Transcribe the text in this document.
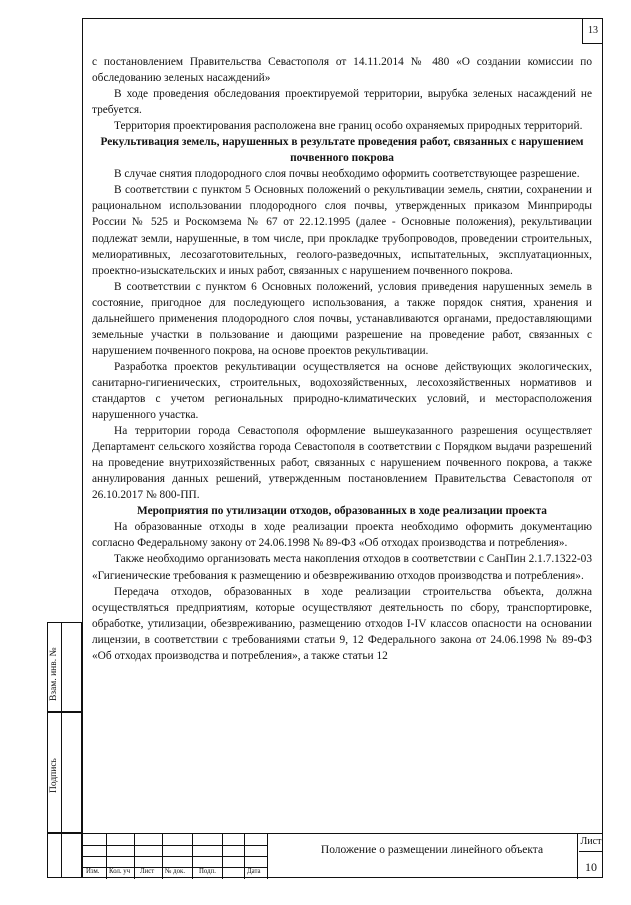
13

с постановлением Правительства Севастополя от 14.11.2014 № 480 «О создании комиссии по обследованию зеленых насаждений»

В ходе проведения обследования проектируемой территории, вырубка зеленых насаждений не требуется.

Территория проектирования расположена вне границ особо охраняемых природных территорий.

Рекультивация земель, нарушенных в результате проведения работ, связанных с нарушением почвенного покрова

В случае снятия плодородного слоя почвы необходимо оформить соответствующее разрешение.

В соответствии с пунктом 5 Основных положений о рекультивации земель, снятии, сохранении и рациональном использовании плодородного слоя почвы, утвержденных приказом Минприроды России № 525 и Роскомзема № 67 от 22.12.1995 (далее - Основные положения), рекультивации подлежат земли, нарушенные, в том числе, при прокладке трубопроводов, проведении строительных, мелиоративных, лесозаготовительных, геолого-разведочных, испытательных, эксплуатационных, проектно-изыскательских и иных работ, связанных с нарушением почвенного покрова.

В соответствии с пунктом 6 Основных положений, условия приведения нарушенных земель в состояние, пригодное для последующего использования, а также порядок снятия, хранения и дальнейшего применения плодородного слоя почвы, устанавливаются органами, предоставляющими земельные участки в пользование и дающими разрешение на проведение работ, связанных с нарушением почвенного покрова, на основе проектов рекультивации.

Разработка проектов рекультивации осуществляется на основе действующих экологических, санитарно-гигиенических, строительных, водохозяйственных, лесохозяйственных нормативов и стандартов с учетом региональных природно-климатических условий, и месторасположения нарушенного участка.

На территории города Севастополя оформление вышеуказанного разрешения осуществляет Департамент сельского хозяйства города Севастополя в соответствии с Порядком выдачи разрешений на проведение внутрихозяйственных работ, связанных с нарушением почвенного покрова, а также аннулирования данных решений, утвержденным постановлением Правительства Севастополя от 26.10.2017 № 800-ПП.

Мероприятия по утилизации отходов, образованных в ходе реализации проекта

На образованные отходы в ходе реализации проекта необходимо оформить документацию согласно Федеральному закону от 24.06.1998 № 89-ФЗ «Об отходах производства и потребления».

Также необходимо организовать места накопления отходов в соответствии с СанПин 2.1.7.1322-03 «Гигиенические требования к размещению и обезвреживанию отходов производства и потребления».

Передача отходов, образованных в ходе реализации строительства объекта, должна осуществляться предприятиям, которые осуществляют деятельность по сбору, транспортировке, обработке, утилизации, обезвреживанию, размещению отходов I-IV классов опасности на основании лицензии, в соответствии с требованиями статьи 9, 12 Федерального закона от 24.06.1998 № 89-ФЗ «Об отходах производства и потребления», а также статьи 12

Взам. инв. №
Подпись
Изм. Кол. уч Лист № док. Подп.	Дата
Положение о размещении линейного объекта
Лист
10
